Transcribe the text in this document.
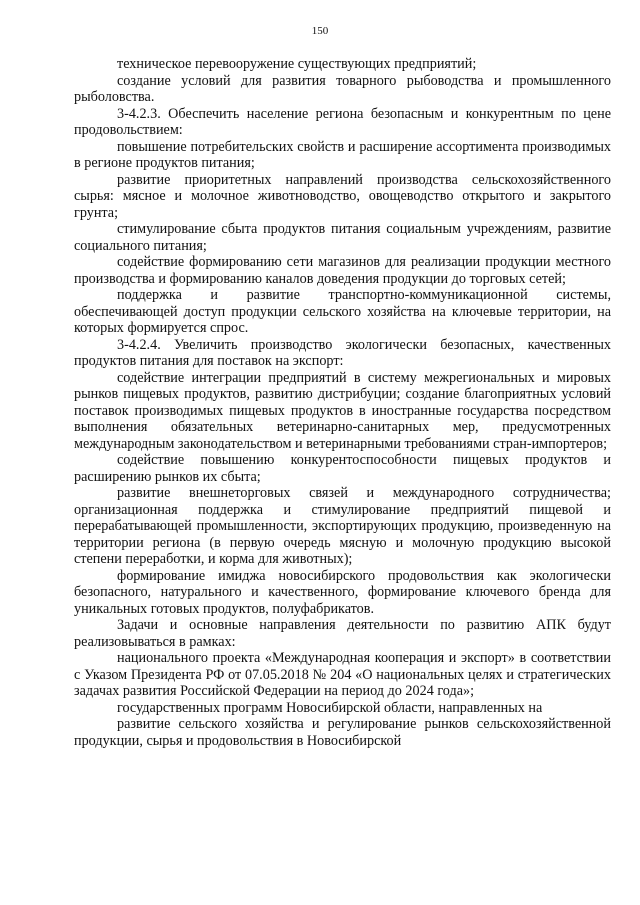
150

техническое перевооружение существующих предприятий;

создание условий для развития товарного рыбоводства и промышленного рыболовства.

3-4.2.3. Обеспечить население региона безопасным и конкурентным по цене продовольствием:

повышение потребительских свойств и расширение ассортимента производимых в регионе продуктов питания;

развитие приоритетных направлений производства сельскохозяйственного сырья: мясное и молочное животноводство, овощеводство открытого и закрытого грунта;

стимулирование сбыта продуктов питания социальным учреждениям, развитие социального питания;

содействие формированию сети магазинов для реализации продукции местного производства и формированию каналов доведения продукции до торговых сетей;

поддержка и развитие транспортно-коммуникационной системы, обеспечивающей доступ продукции сельского хозяйства на ключевые территории, на которых формируется спрос.

3-4.2.4. Увеличить производство экологически безопасных, качественных продуктов питания для поставок на экспорт:

содействие интеграции предприятий в систему межрегиональных и мировых рынков пищевых продуктов, развитию дистрибуции; создание благоприятных условий поставок производимых пищевых продуктов в иностранные государства посредством выполнения обязательных ветеринарно-санитарных мер, предусмотренных международным законодательством и ветеринарными требованиями стран-импортеров;

содействие повышению конкурентоспособности пищевых продуктов и расширению рынков их сбыта;

развитие внешнеторговых связей и международного сотрудничества; организационная поддержка и стимулирование предприятий пищевой и перерабатывающей промышленности, экспортирующих продукцию, произведенную на территории региона (в первую очередь мясную и молочную продукцию высокой степени переработки, и корма для животных);

формирование имиджа новосибирского продовольствия как экологически безопасного, натурального и качественного, формирование ключевого бренда для уникальных готовых продуктов, полуфабрикатов.

Задачи и основные направления деятельности по развитию АПК будут реализовываться в рамках:

национального проекта «Международная кооперация и экспорт» в соответствии с Указом Президента РФ от 07.05.2018 № 204 «О национальных целях и стратегических задачах развития Российской Федерации на период до 2024 года»;

государственных программ Новосибирской области, направленных на

развитие сельского хозяйства и регулирование рынков сельскохозяйственной продукции, сырья и продовольствия в Новосибирской
